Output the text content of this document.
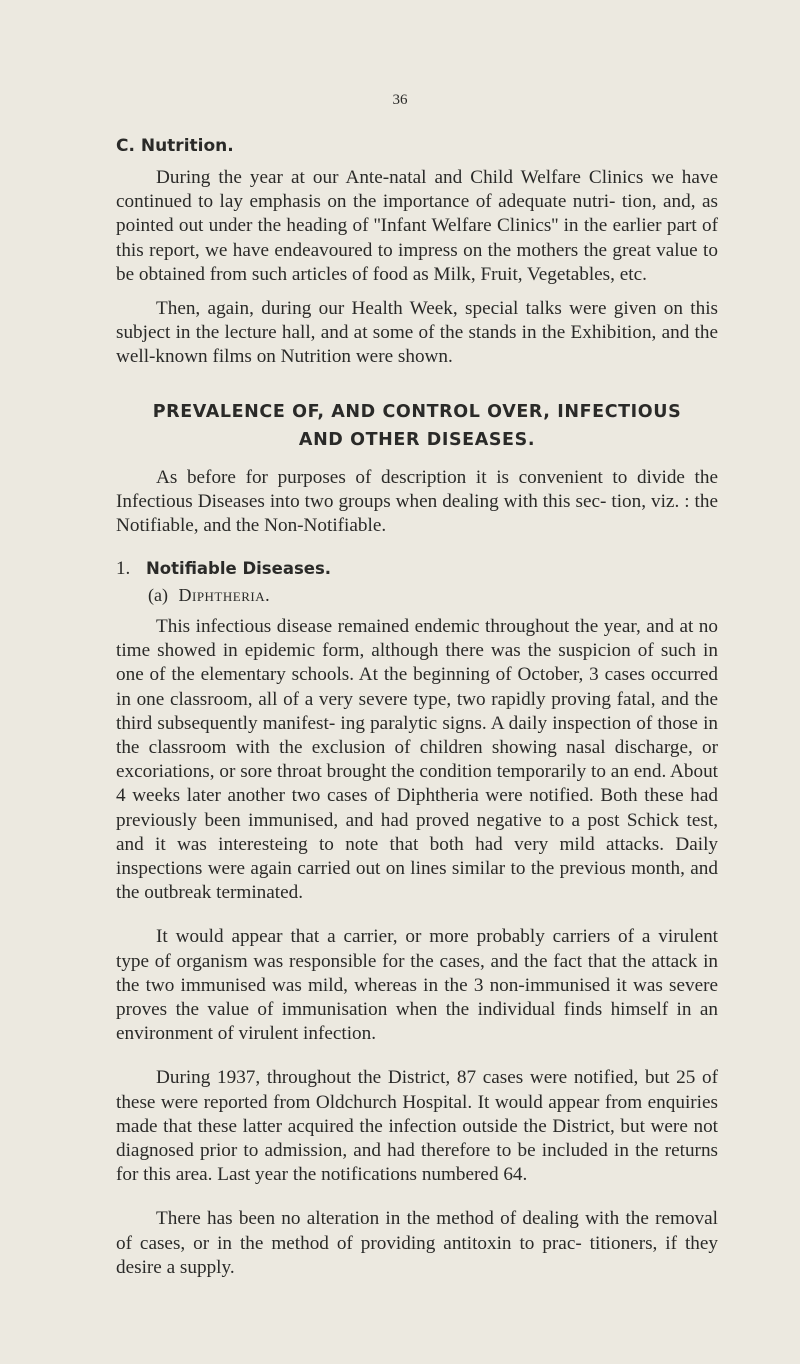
36
C. Nutrition.

During the year at our Ante-natal and Child Welfare Clinics we have continued to lay emphasis on the importance of adequate nutri- tion, and, as pointed out under the heading of ''Infant Welfare Clinics'' in the earlier part of this report, we have endeavoured to impress on the mothers the great value to be obtained from such articles of food as Milk, Fruit, Vegetables, etc.

Then, again, during our Health Week, special talks were given on this subject in the lecture hall, and at some of the stands in the Exhibition, and the well-known films on Nutrition were shown.

PREVALENCE OF, AND CONTROL OVER, INFECTIOUS
AND OTHER DISEASES.

As before for purposes of description it is convenient to divide the Infectious Diseases into two groups when dealing with this sec- tion, viz. : the Notifiable, and the Non-Notifiable.

1. Notifiable Diseases.
(a) Diphtheria.

This infectious disease remained endemic throughout the year, and at no time showed in epidemic form, although there was the suspicion of such in one of the elementary schools. At the beginning of October, 3 cases occurred in one classroom, all of a very severe type, two rapidly proving fatal, and the third subsequently manifest- ing paralytic signs. A daily inspection of those in the classroom with the exclusion of children showing nasal discharge, or excoriations, or sore throat brought the condition temporarily to an end. About 4 weeks later another two cases of Diphtheria were notified. Both these had previously been immunised, and had proved negative to a post Schick test, and it was interesteing to note that both had very mild attacks. Daily inspections were again carried out on lines similar to the previous month, and the outbreak terminated.

It would appear that a carrier, or more probably carriers of a virulent type of organism was responsible for the cases, and the fact that the attack in the two immunised was mild, whereas in the 3 non-immunised it was severe proves the value of immunisation when the individual finds himself in an environment of virulent infection.

During 1937, throughout the District, 87 cases were notified, but 25 of these were reported from Oldchurch Hospital. It would appear from enquiries made that these latter acquired the infection outside the District, but were not diagnosed prior to admission, and had therefore to be included in the returns for this area. Last year the notifications numbered 64.

There has been no alteration in the method of dealing with the removal of cases, or in the method of providing antitoxin to prac- titioners, if they desire a supply.
